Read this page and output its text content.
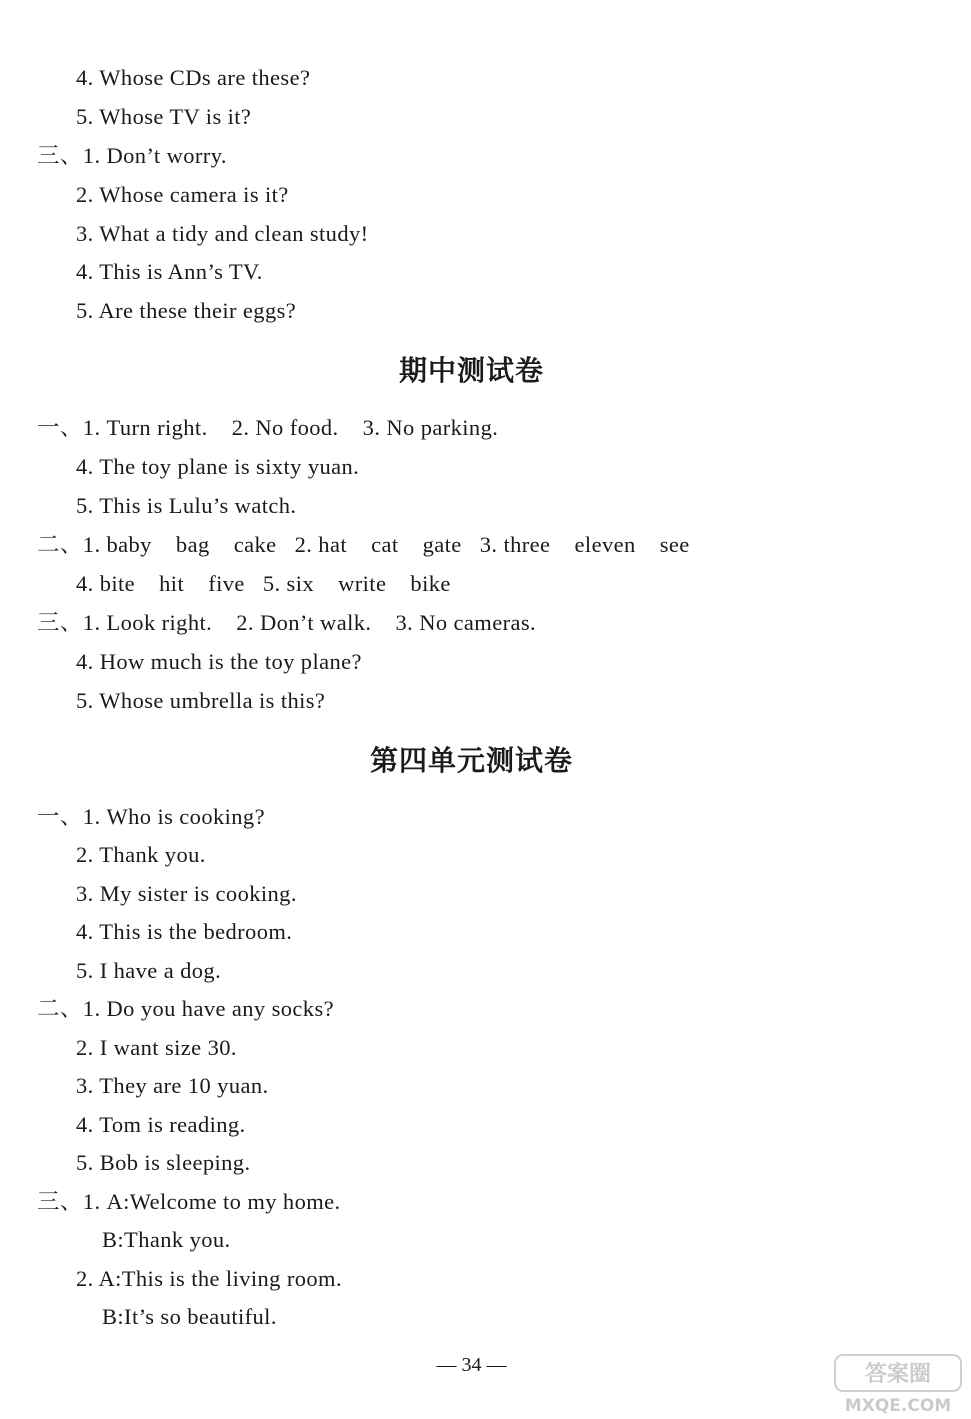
4. Whose CDs are these?
5. Whose TV is it?
三、1. Don’t worry.
2. Whose camera is it?
3. What a tidy and clean study!
4. This is Ann’s TV.
5. Are these their eggs?
期中测试卷
一、1. Turn right.    2. No food.    3. No parking.
4. The toy plane is sixty yuan.
5. This is Lulu’s watch.
二、1. baby    bag    cake   2. hat    cat    gate   3. three    eleven    see
4. bite    hit    five   5. six    write    bike
三、1. Look right.    2. Don’t walk.    3. No cameras.
4. How much is the toy plane?
5. Whose umbrella is this?
第四单元测试卷
一、1. Who is cooking?
2. Thank you.
3. My sister is cooking.
4. This is the bedroom.
5. I have a dog.
二、1. Do you have any socks?
2. I want size 30.
3. They are 10 yuan.
4. Tom is reading.
5. Bob is sleeping.
三、1. A:Welcome to my home.
B:Thank you.
2. A:This is the living room.
B:It’s so beautiful.
— 34 —	答案圈
MXQE.COM
